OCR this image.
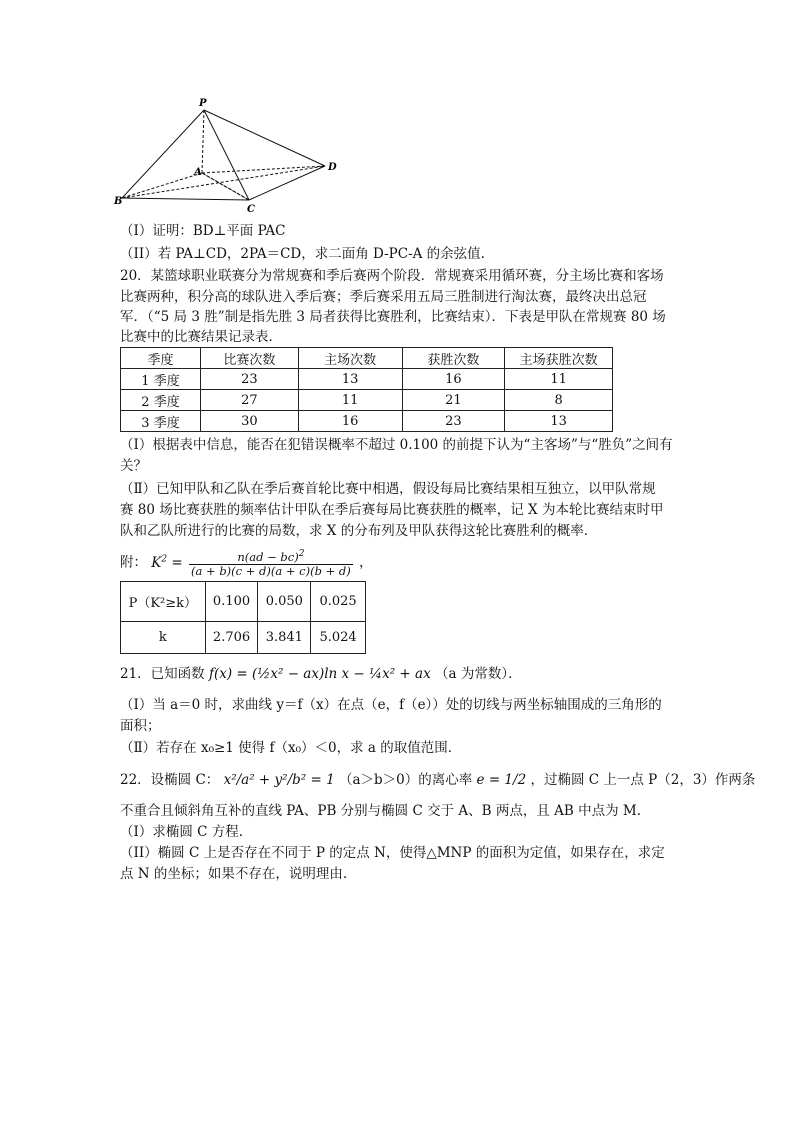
P
A
B
C
D
（I）证明：BD⊥平面 PAC
（II）若 PA⊥CD，2PA＝CD，求二面角 D-PC-A 的余弦值.
20．某篮球职业联赛分为常规赛和季后赛两个阶段．常规赛采用循环赛，分主场比赛和客场
比赛两种，积分高的球队进入季后赛；季后赛采用五局三胜制进行淘汰赛，最终决出总冠
军．（“5 局 3 胜”制是指先胜 3 局者获得比赛胜利，比赛结束）．下表是甲队在常规赛 80 场
比赛中的比赛结果记录表．
季度	比赛次数	主场次数	获胜次数	主场获胜次数
1 季度	23	13	16	11
2 季度	27	11	21	8
3 季度	30	16	23	13
（I）根据表中信息，能否在犯错误概率不超过 0.100 的前提下认为“主客场”与“胜负”之间有
关？
（Ⅱ）已知甲队和乙队在季后赛首轮比赛中相遇，假设每局比赛结果相互独立，以甲队常规
赛 80 场比赛获胜的频率估计甲队在季后赛每局比赛获胜的概率，记 X 为本轮比赛结束时甲
队和乙队所进行的比赛的局数，求 X 的分布列及甲队获得这轮比赛胜利的概率．
附： $K^2 = \frac{n(ad - bc)^2}{(a + b)(c + d)(a + c)(b + d)}$ ，
P（K²≥k）	0.100	0.050	0.025
k	2.706	3.841	5.024
21．已知函数 f(x) = (½x² − ax)ln x − ¼x² + ax （a 为常数）．
（I）当 a＝0 时，求曲线 y＝f（x）在点（e，f（e））处的切线与两坐标轴围成的三角形的
面积；
（Ⅱ）若存在 x₀≥1 使得 f（x₀）＜0，求 a 的取值范围．
22．设椭圆 C： x²/a² + y²/b² = 1 （a＞b＞0）的离心率 e = 1/2 ，过椭圆 C 上一点 P（2，3）作两条
不重合且倾斜角互补的直线 PA、PB 分别与椭圆 C 交于 A、B 两点，且 AB 中点为 M.
（I）求椭圆 C 方程.
（II）椭圆 C 上是否存在不同于 P 的定点 N，使得△MNP 的面积为定值，如果存在，求定
点 N 的坐标；如果不存在，说明理由.
